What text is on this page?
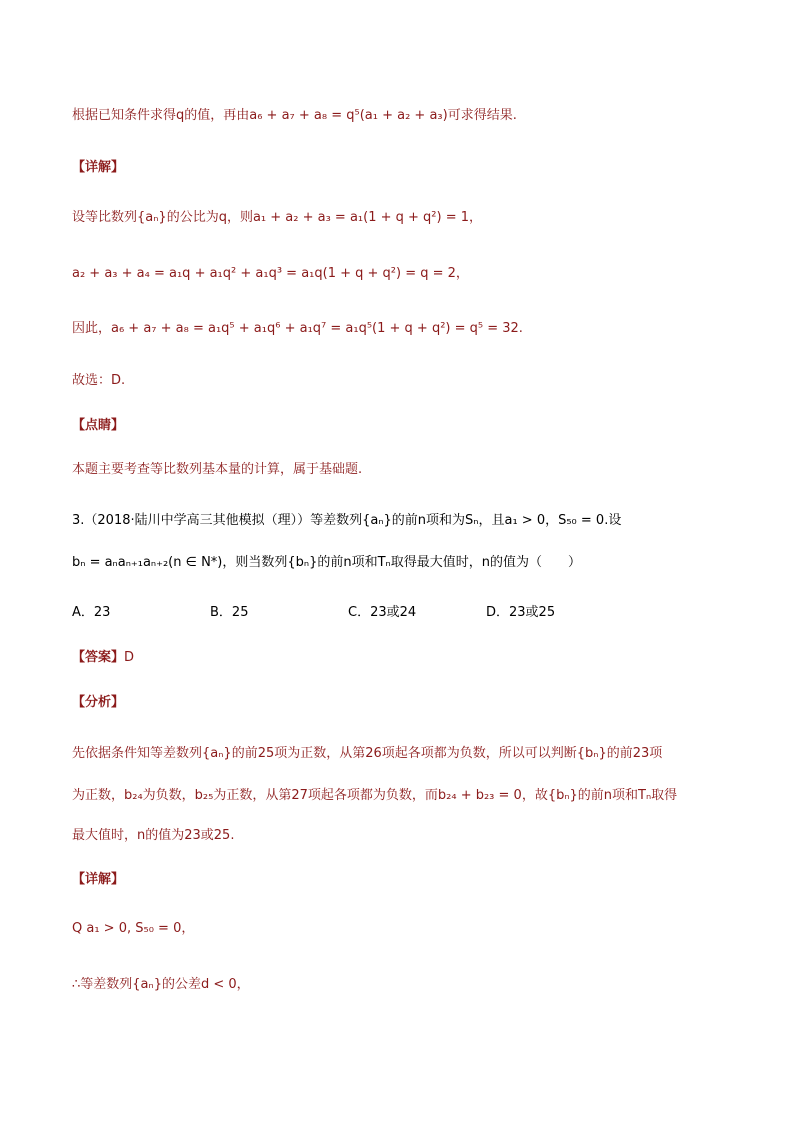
根据已知条件求得q的值，再由a₆ + a₇ + a₈ = q⁵(a₁ + a₂ + a₃)可求得结果.
【详解】
设等比数列{aₙ}的公比为q，则a₁ + a₂ + a₃ = a₁(1 + q + q²) = 1，
a₂ + a₃ + a₄ = a₁q + a₁q² + a₁q³ = a₁q(1 + q + q²) = q = 2，
因此，a₆ + a₇ + a₈ = a₁q⁵ + a₁q⁶ + a₁q⁷ = a₁q⁵(1 + q + q²) = q⁵ = 32.
故选：D.
【点睛】
本题主要考查等比数列基本量的计算，属于基础题.
3.（2018·陆川中学高三其他模拟（理））等差数列{aₙ}的前n项和为Sₙ，且a₁ > 0，S₅₀ = 0.设
bₙ = aₙaₙ₊₁aₙ₊₂(n ∈ N*)，则当数列{bₙ}的前n项和Tₙ取得最大值时，n的值为（　　）
A．23	B．25	C．23或24	D．23或25
【答案】D
【分析】
先依据条件知等差数列{aₙ}的前25项为正数，从第26项起各项都为负数，所以可以判断{bₙ}的前23项
为正数，b₂₄为负数，b₂₅为正数，从第27项起各项都为负数，而b₂₄ + b₂₃ = 0，故{bₙ}的前n项和Tₙ取得
最大值时，n的值为23或25.
【详解】
Q a₁ > 0, S₅₀ = 0，
∴等差数列{aₙ}的公差d < 0，
